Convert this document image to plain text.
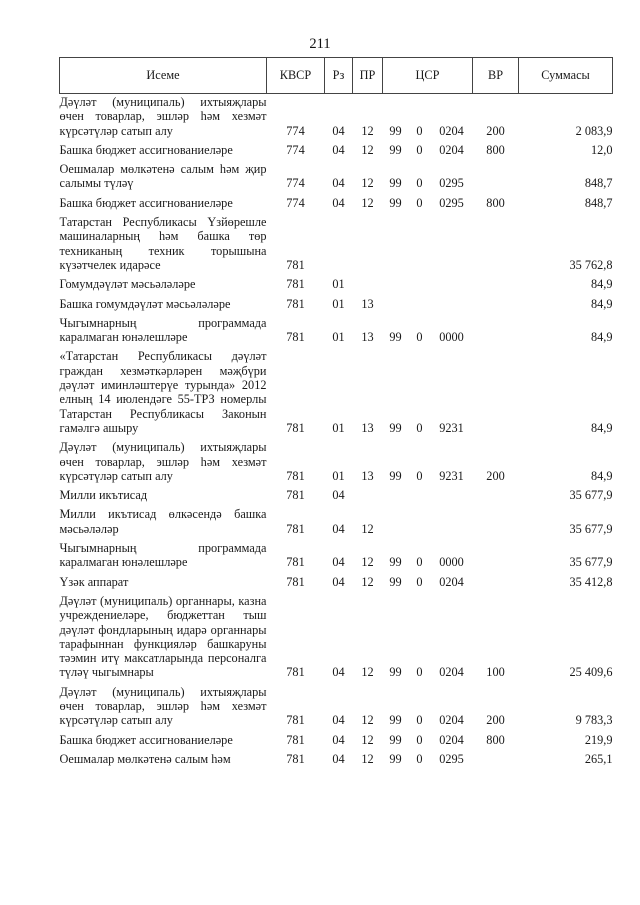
211
Исеме	КВСР	Рз	ПР	ЦСР			ВР	Суммасы
Дәүләт (муниципаль) ихтыяҗлары өчен товарлар, эшләр һәм хезмәт күрсәтүләр сатып алу	774	04	12	99	0	0204	200	2 083,9
Башка бюджет ассигнованиеләре	774	04	12	99	0	0204	800	12,0
Оешмалар мөлкәтенә салым һәм җир салымы түләү	774	04	12	99	0	0295		848,7
Башка бюджет ассигнованиеләре	774	04	12	99	0	0295	800	848,7
Татарстан Республикасы Үзйөрешле машиналарның һәм башка төр техниканың техник торышына күзәтчелек идарәсе	781							35 762,8
Гомумдәүләт мәсьәләләре	781	01						84,9
Башка гомумдәүләт мәсьәләләре	781	01	13					84,9
Чыгымнарның программада каралмаган юнәлешләре	781	01	13	99	0	0000		84,9
«Татарстан Республикасы дәүләт граждан хезмәткәрләрен мәҗбүри дәүләт иминләштерүе турында» 2012 елның 14 июлендәге 55-ТРЗ номерлы Татарстан Республикасы Законын гамәлгә ашыру	781	01	13	99	0	9231		84,9
Дәүләт (муниципаль) ихтыяҗлары өчен товарлар, эшләр һәм хезмәт күрсәтүләр сатып алу	781	01	13	99	0	9231	200	84,9
Милли икътисад	781	04						35 677,9
Милли икътисад өлкәсендә башка мәсьәләләр	781	04	12					35 677,9
Чыгымнарның программада каралмаган юнәлешләре	781	04	12	99	0	0000		35 677,9
Үзәк аппарат	781	04	12	99	0	0204		35 412,8
Дәүләт (муниципаль) органнары, казна учреждениеләре, бюджеттан тыш дәүләт фондларының идарә органнары тарафыннан функцияләр башкаруны тәэмин итү максатларында персоналга түләү чыгымнары	781	04	12	99	0	0204	100	25 409,6
Дәүләт (муниципаль) ихтыяҗлары өчен товарлар, эшләр һәм хезмәт күрсәтүләр сатып алу	781	04	12	99	0	0204	200	9 783,3
Башка бюджет ассигнованиеләре	781	04	12	99	0	0204	800	219,9
Оешмалар мөлкәтенә салым һәм	781	04	12	99	0	0295		265,1
